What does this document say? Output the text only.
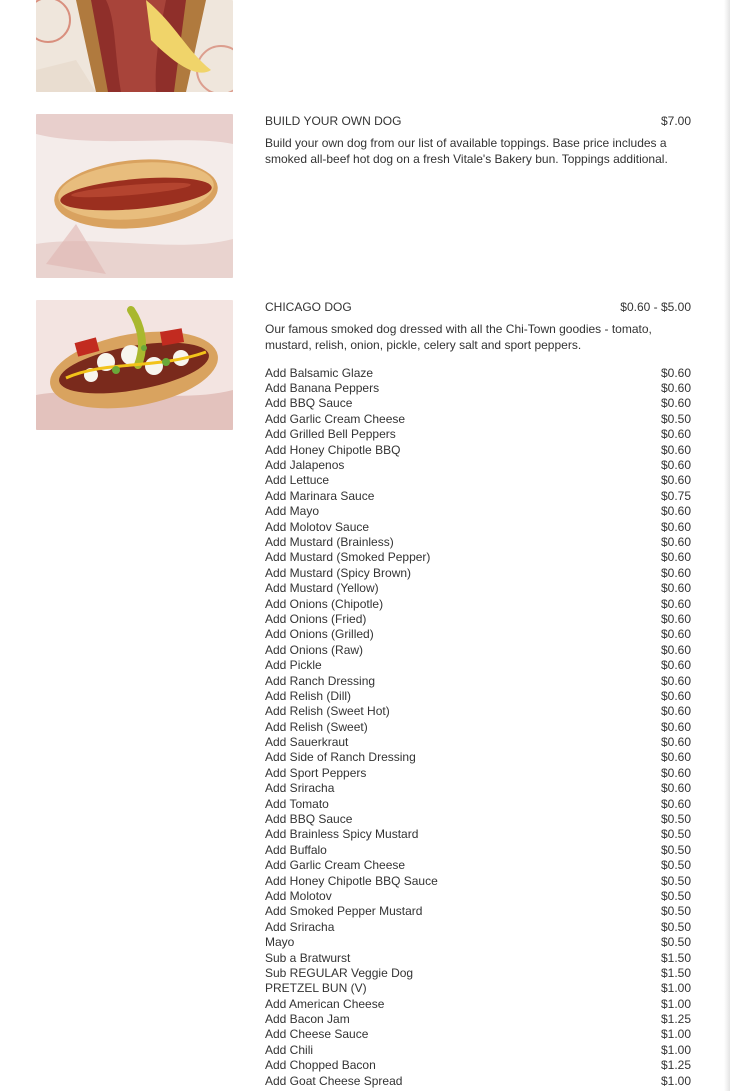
BUILD YOUR OWN DOG	$7.00
Build your own dog from our list of available toppings. Base price includes a smoked all-beef hot dog on a fresh Vitale's Bakery bun. Toppings additional.
CHICAGO DOG	$0.60 - $5.00
Our famous smoked dog dressed with all the Chi-Town goodies - tomato, mustard, relish, onion, pickle, celery salt and sport peppers.
Add Balsamic Glaze	$0.60
Add Banana Peppers	$0.60
Add BBQ Sauce	$0.60
Add Garlic Cream Cheese	$0.50
Add Grilled Bell Peppers	$0.60
Add Honey Chipotle BBQ	$0.60
Add Jalapenos	$0.60
Add Lettuce	$0.60
Add Marinara Sauce	$0.75
Add Mayo	$0.60
Add Molotov Sauce	$0.60
Add Mustard (Brainless)	$0.60
Add Mustard (Smoked Pepper)	$0.60
Add Mustard (Spicy Brown)	$0.60
Add Mustard (Yellow)	$0.60
Add Onions (Chipotle)	$0.60
Add Onions (Fried)	$0.60
Add Onions (Grilled)	$0.60
Add Onions (Raw)	$0.60
Add Pickle	$0.60
Add Ranch Dressing	$0.60
Add Relish (Dill)	$0.60
Add Relish (Sweet Hot)	$0.60
Add Relish (Sweet)	$0.60
Add Sauerkraut	$0.60
Add Side of Ranch Dressing	$0.60
Add Sport Peppers	$0.60
Add Sriracha	$0.60
Add Tomato	$0.60
Add BBQ Sauce	$0.50
Add Brainless Spicy Mustard	$0.50
Add Buffalo	$0.50
Add Garlic Cream Cheese	$0.50
Add Honey Chipotle BBQ Sauce	$0.50
Add Molotov	$0.50
Add Smoked Pepper Mustard	$0.50
Add Sriracha	$0.50
Mayo	$0.50
Sub a Bratwurst	$1.50
Sub REGULAR Veggie Dog	$1.50
PRETZEL BUN (V)	$1.00
Add American Cheese	$1.00
Add Bacon Jam	$1.25
Add Cheese Sauce	$1.00
Add Chili	$1.00
Add Chopped Bacon	$1.25
Add Goat Cheese Spread	$1.00
